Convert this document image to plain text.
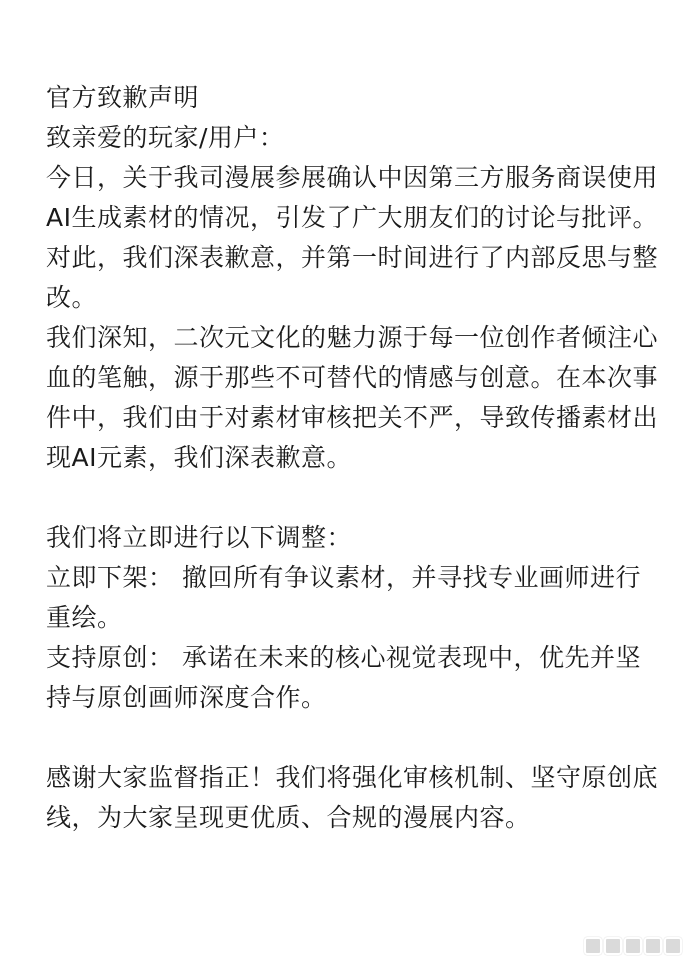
官方致歉声明

致亲爱的玩家/用户：

今日，关于我司漫展参展确认中因第三方服务商误使用AI生成素材的情况，引发了广大朋友们的讨论与批评。对此，我们深表歉意，并第一时间进行了内部反思与整改。

我们深知，二次元文化的魅力源于每一位创作者倾注心血的笔触，源于那些不可替代的情感与创意。在本次事件中，我们由于对素材审核把关不严，导致传播素材出现AI元素，我们深表歉意。

我们将立即进行以下调整：

立即下架： 撤回所有争议素材，并寻找专业画师进行重绘。

支持原创： 承诺在未来的核心视觉表现中，优先并坚持与原创画师深度合作。

感谢大家监督指正！我们将强化审核机制、坚守原创底线，为大家呈现更优质、合规的漫展内容。
